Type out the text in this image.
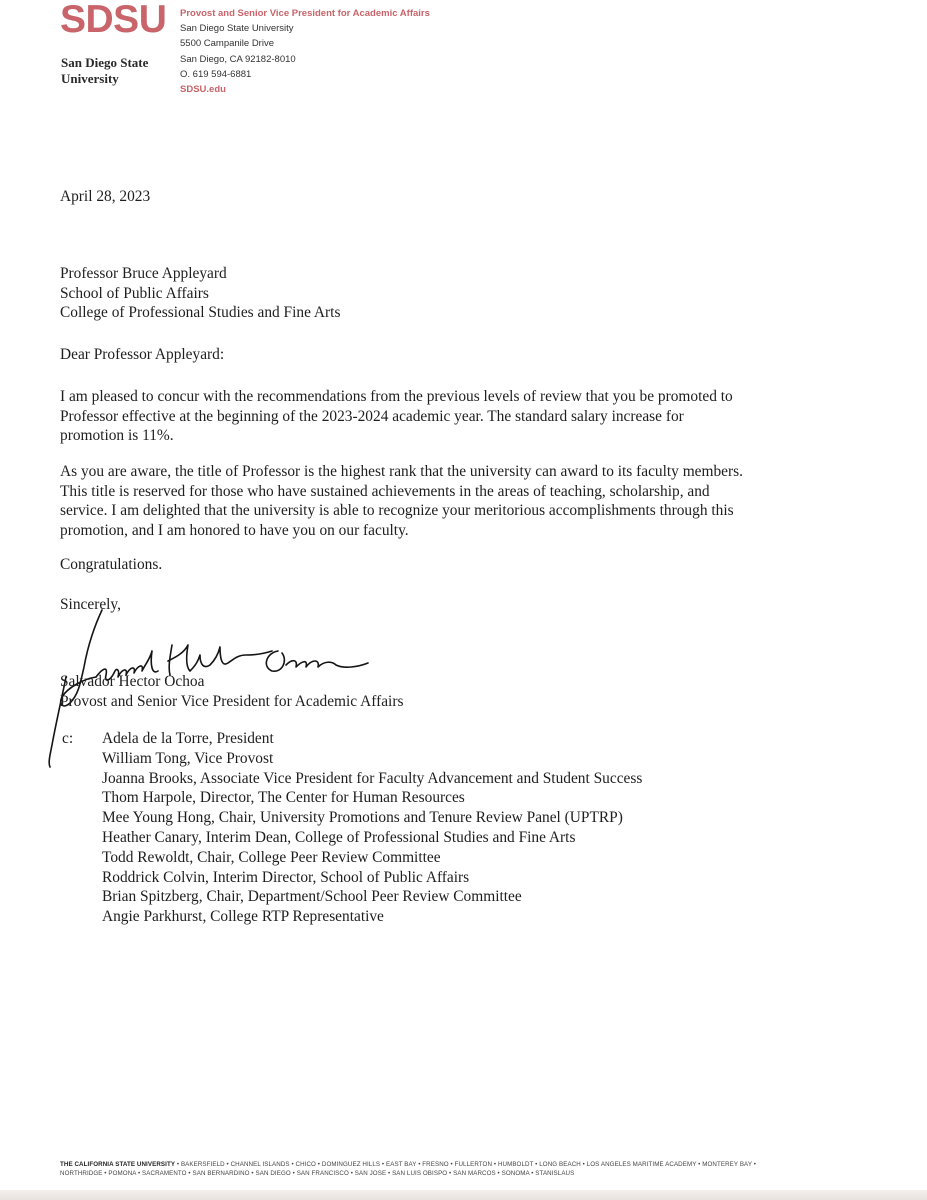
SDSU
San Diego State University
Provost and Senior Vice President for Academic Affairs
San Diego State University
5500 Campanile Drive
San Diego, CA 92182-8010
O. 619 594-6881
SDSU.edu
April 28, 2023
Professor Bruce Appleyard
School of Public Affairs
College of Professional Studies and Fine Arts
Dear Professor Appleyard:
I am pleased to concur with the recommendations from the previous levels of review that you be promoted to
Professor effective at the beginning of the 2023-2024 academic year. The standard salary increase for
promotion is 11%.
As you are aware, the title of Professor is the highest rank that the university can award to its faculty members.
This title is reserved for those who have sustained achievements in the areas of teaching, scholarship, and
service. I am delighted that the university is able to recognize your meritorious accomplishments through this
promotion, and I am honored to have you on our faculty.
Congratulations.
Sincerely,
Salvador Hector Ochoa
Provost and Senior Vice President for Academic Affairs
c: Adela de la Torre, President
William Tong, Vice Provost
Joanna Brooks, Associate Vice President for Faculty Advancement and Student Success
Thom Harpole, Director, The Center for Human Resources
Mee Young Hong, Chair, University Promotions and Tenure Review Panel (UPTRP)
Heather Canary, Interim Dean, College of Professional Studies and Fine Arts
Todd Rewoldt, Chair, College Peer Review Committee
Roddrick Colvin, Interim Director, School of Public Affairs
Brian Spitzberg, Chair, Department/School Peer Review Committee
Angie Parkhurst, College RTP Representative
THE CALIFORNIA STATE UNIVERSITY • BAKERSFIELD • CHANNEL ISLANDS • CHICO • DOMINGUEZ HILLS • EAST BAY • FRESNO • FULLERTON • HUMBOLDT • LONG BEACH • LOS ANGELES MARITIME ACADEMY • MONTEREY BAY •
NORTHRIDGE • POMONA • SACRAMENTO • SAN BERNARDINO • SAN DIEGO • SAN FRANCISCO • SAN JOSE • SAN LUIS OBISPO • SAN MARCOS • SONOMA • STANISLAUS
